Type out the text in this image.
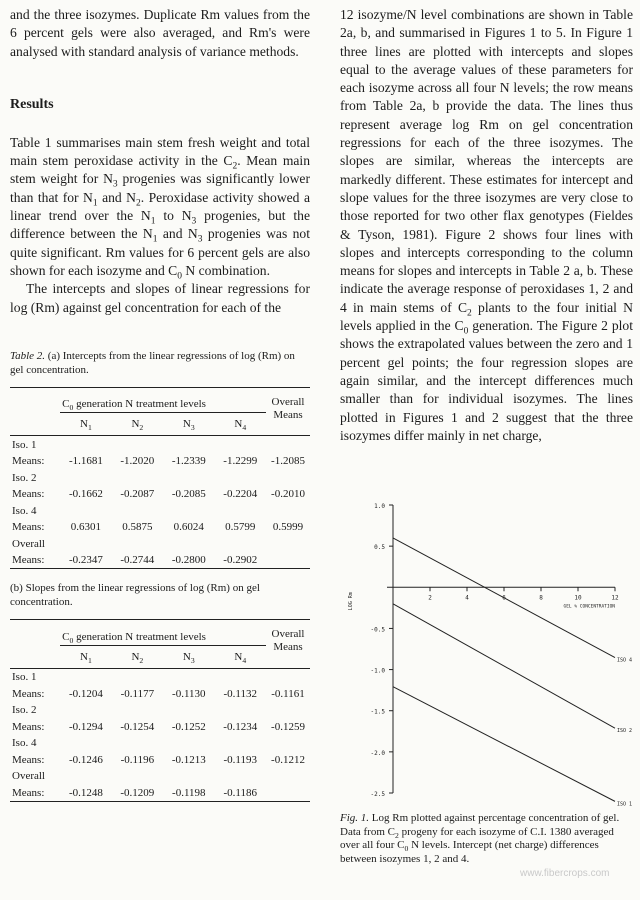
and the three isozymes. Duplicate Rm values from the 6 percent gels were also averaged, and Rm's were analysed with standard analysis of variance methods.

Results

Table 1 summarises main stem fresh weight and total main stem peroxidase activity in the $C_2$. Mean main stem weight for $N_3$ progenies was significantly lower than that for $N_1$ and $N_2$. Peroxidase activity showed a linear trend over the $N_1$ to $N_3$ progenies, but the difference between the $N_1$ and $N_3$ progenies was not quite significant. Rm values for 6 percent gels are also shown for each isozyme and $C_0$ N combination.

The intercepts and slopes of linear regressions for log (Rm) against gel concentration for each of the

Table 2. (a) Intercepts from the linear regressions of log (Rm) on gel concentration.

	$C_0$ generation N treatment levels				Overall Means
	$N_1$	$N_2$	$N_3$	$N_4$
Iso. 1					
Means:	-1.1681	-1.2020	-1.2339	-1.2299	-1.2085
Iso. 2					
Means:	-0.1662	-0.2087	-0.2085	-0.2204	-0.2010
Iso. 4					
Means:	0.6301	0.5875	0.6024	0.5799	0.5999
Overall					
Means:	-0.2347	-0.2744	-0.2800	-0.2902	

(b) Slopes from the linear regressions of log (Rm) on gel concentration.

	$C_0$ generation N treatment levels				Overall Means
	$N_1$	$N_2$	$N_3$	$N_4$
Iso. 1					
Means:	-0.1204	-0.1177	-0.1130	-0.1132	-0.1161
Iso. 2					
Means:	-0.1294	-0.1254	-0.1252	-0.1234	-0.1259
Iso. 4					
Means:	-0.1246	-0.1196	-0.1213	-0.1193	-0.1212
Overall					
Means:	-0.1248	-0.1209	-0.1198	-0.1186	

12 isozyme/N level combinations are shown in Table 2a, b, and summarised in Figures 1 to 5. In Figure 1 three lines are plotted with intercepts and slopes equal to the average values of these parameters for each isozyme across all four N levels; the row means from Table 2a, b provide the data. The lines thus represent average log Rm on gel concentration regressions for each of the three isozymes. The slopes are similar, whereas the intercepts are markedly different. These estimates for intercept and slope values for the three isozymes are very close to those reported for two other flax genotypes (Fieldes & Tyson, 1981). Figure 2 shows four lines with slopes and intercepts corresponding to the column means for slopes and intercepts in Table 2 a, b. These indicate the average response of peroxidases 1, 2 and 4 in main stems of $C_2$ plants to the four initial N levels applied in the $C_0$ generation. The Figure 2 plot shows the extrapolated values between the zero and 1 percent gel points; the four regression slopes are again similar, and the intercept differences much smaller than for individual isozymes. The lines plotted in Figures 1 and 2 suggest that the three isozymes differ mainly in net charge,

1.0
0.5
-0.5
-1.0
-1.5
-2.0
-2.5
2	4	8	10	12
GEL % CONCENTRATION
LOG Rm
ISO 4
ISO 2
ISO 1
Fig. 1. Log Rm plotted against percentage concentration of gel. Data from $C_2$ progeny for each isozyme of C.I. 1380 averaged over all four $C_0$ N levels. Intercept (net charge) differences between isozymes 1, 2 and 4.
www.fibercrops.com
